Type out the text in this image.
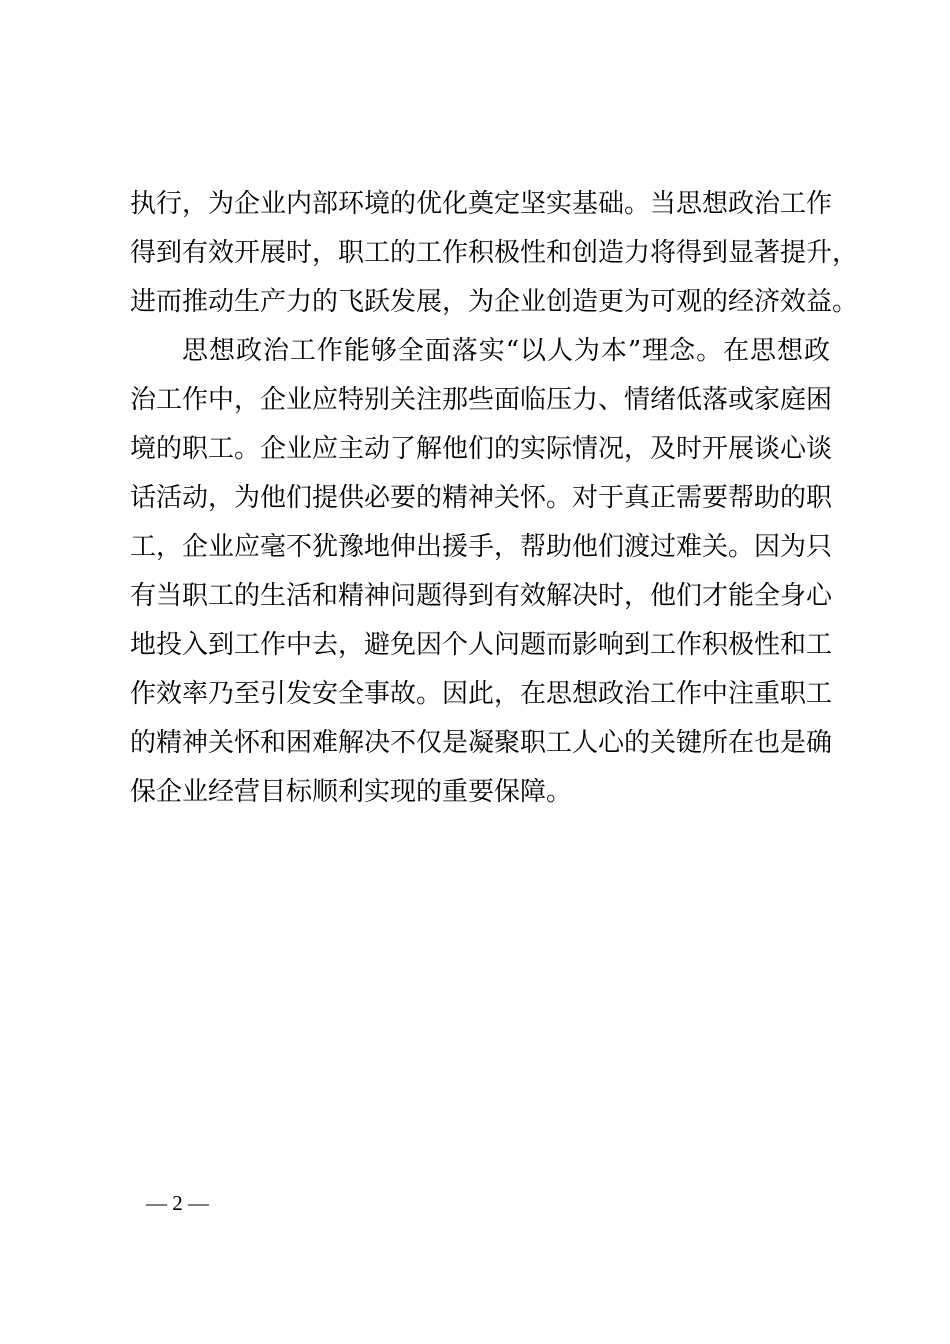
执行，为企业内部环境的优化奠定坚实基础。当思想政治工作
得到有效开展时，职工的工作积极性和创造力将得到显著提升，
进而推动生产力的飞跃发展，为企业创造更为可观的经济效益。
思想政治工作能够全面落实“以人为本”理念。在思想政
治工作中，企业应特别关注那些面临压力、情绪低落或家庭困
境的职工。企业应主动了解他们的实际情况，及时开展谈心谈
话活动，为他们提供必要的精神关怀。对于真正需要帮助的职
工，企业应毫不犹豫地伸出援手，帮助他们渡过难关。因为只
有当职工的生活和精神问题得到有效解决时，他们才能全身心
地投入到工作中去，避免因个人问题而影响到工作积极性和工
作效率乃至引发安全事故。因此，在思想政治工作中注重职工
的精神关怀和困难解决不仅是凝聚职工人心的关键所在也是确
保企业经营目标顺利实现的重要保障。
— 2 —
